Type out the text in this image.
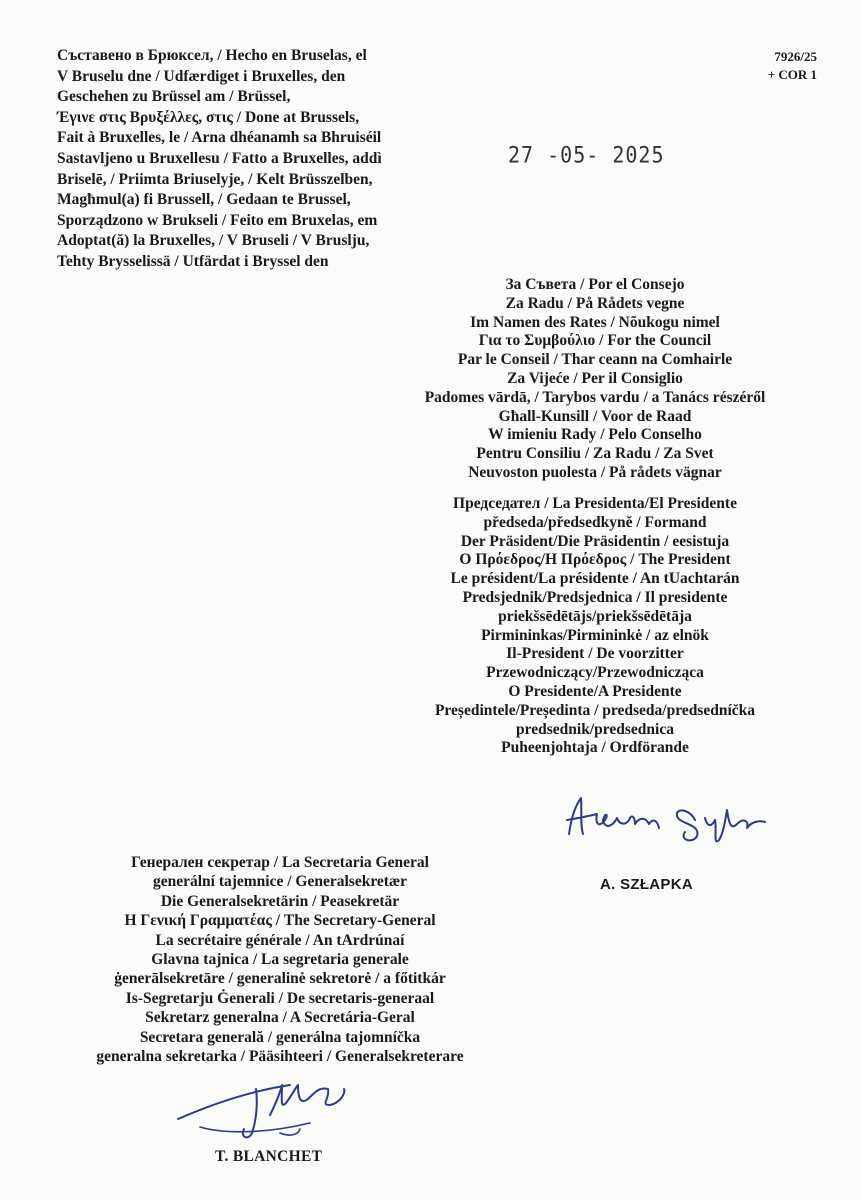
7926/25
+ COR 1
Съставено в Брюксел, / Hecho en Bruselas, el
V Bruselu dne / Udfærdiget i Bruxelles, den
Geschehen zu Brüssel am / Brüssel,
Έγινε στις Βρυξέλλες, στις / Done at Brussels,
Fait à Bruxelles, le / Arna dhéanamh sa Bhruiséil
Sastavljeno u Bruxellesu / Fatto a Bruxelles, addì
Briselē, / Priimta Briuselyje, / Kelt Brüsszelben,
Magħmul(a) fi Brussell, / Gedaan te Brussel,
Sporządzono w Brukseli / Feito em Bruxelas, em
Adoptat(ă) la Bruxelles, / V Bruseli / V Bruslju,
Tehty Brysselissä / Utfärdat i Bryssel den
27 -05- 2025
За Съвета / Por el Consejo
Za Radu / På Rådets vegne
Im Namen des Rates / Nõukogu nimel
Για το Συμβούλιο / For the Council
Par le Conseil / Thar ceann na Comhairle
Za Vijeće / Per il Consiglio
Padomes vārdā, / Tarybos vardu / a Tanács részéről
Għall-Kunsill / Voor de Raad
W imieniu Rady / Pelo Conselho
Pentru Consiliu / Za Radu / Za Svet
Neuvoston puolesta / På rådets vägnar
Председател / La Presidenta/El Presidente
předseda/předsedkyně / Formand
Der Präsident/Die Präsidentin / eesistuja
Ο Πρόεδρος/Η Πρόεδρος / The President
Le président/La présidente / An tUachtarán
Predsjednik/Predsjednica / Il presidente
priekšsēdētājs/priekšsēdētāja
Pirmininkas/Pirmininkė / az elnök
Il-President / De voorzitter
Przewodniczący/Przewodnicząca
O Presidente/A Presidente
Președintele/Președinta / predseda/predsedníčka
predsednik/predsednica
Puheenjohtaja / Ordförande
A. SZŁAPKA
Генерален секретар / La Secretaria General
generální tajemnice / Generalsekretær
Die Generalsekretärin / Peasekretär
Η Γενική Γραμματέας / The Secretary-General
La secrétaire générale / An tArdrúnaí
Glavna tajnica / La segretaria generale
ġenerālsekretāre / generalinė sekretorė / a főtitkár
Is-Segretarju Ġenerali / De secretaris-generaal
Sekretarz generalna / A Secretária-Geral
Secretara generală / generálna tajomníčka
generalna sekretarka / Pääsihteeri / Generalsekreterare
T. BLANCHET
